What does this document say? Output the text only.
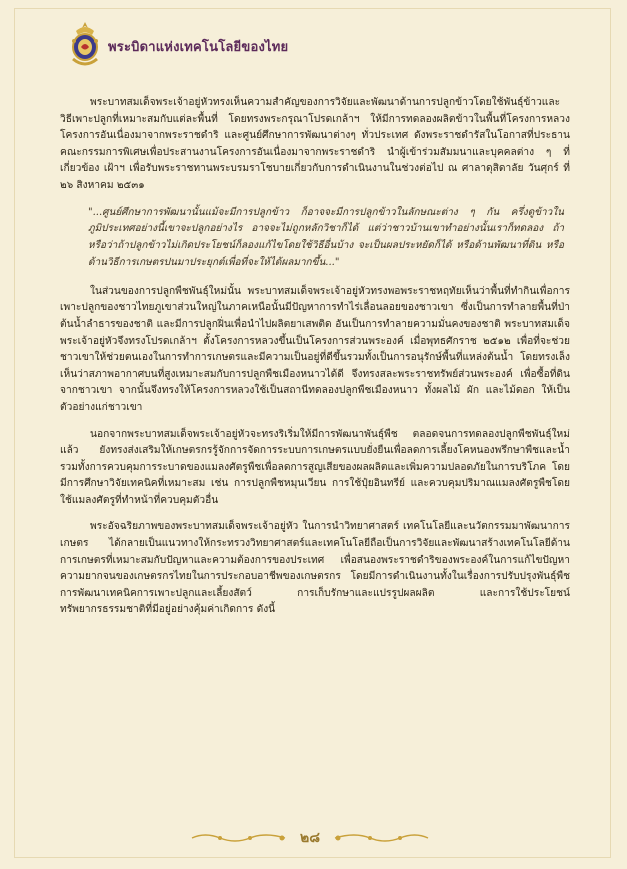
พระบิดาแห่งเทคโนโลยีของไทย

พระบาทสมเด็จพระเจ้าอยู่หัวทรงเห็นความสำคัญของการวิจัยและพัฒนาด้านการปลูกข้าวโดยใช้พันธุ์ข้าวและวิธีเพาะปลูกที่เหมาะสมกับแต่ละพื้นที่ โดยทรงพระกรุณาโปรดเกล้าฯ ให้มีการทดลองผลิตข้าวในพื้นที่โครงการหลวง โครงการอันเนื่องมาจากพระราชดำริ และศูนย์ศึกษาการพัฒนาต่างๆ ทั่วประเทศ ดังพระราชดำรัสในโอกาสที่ประธานคณะกรรมการพิเศษเพื่อประสานงานโครงการอันเนื่องมาจากพระราชดำริ นำผู้เข้าร่วมสัมมนาและบุคคลต่าง ๆ ที่เกี่ยวข้อง เฝ้าฯ เพื่อรับพระราชทานพระบรมราโชบายเกี่ยวกับการดำเนินงานในช่วงต่อไป ณ ศาลาดุสิดาลัย วันศุกร์ ที่ ๒๖ สิงหาคม ๒๕๓๑

"...ศูนย์ศึกษาการพัฒนานั้นแม้จะมีการปลูกข้าว ก็อาจจะมีการปลูกข้าวในลักษณะต่าง ๆ กัน ครึ่งดูข้าวในภูมิประเทศอย่างนี้เขาจะปลูกอย่างไร อาจจะไม่ถูกหลักวิชาก็ได้ แต่ว่าชาวบ้านเขาทำอย่างนั้นเราก็ทดลอง ถ้า หรือว่าถ้าปลูกข้าวไม่เกิดประโยชน์ก็ลองแก้ไขโดยใช้วิธีอื่นบ้าง จะเป็นผลประหยัดก็ได้ หรือด้านพัฒนาที่ดิน หรือด้านวิธีการเกษตรปนมาประยุกต์เพื่อที่จะให้ได้ผลมากขึ้น..."

ในส่วนของการปลูกพืชพันธุ์ใหม่นั้น พระบาทสมเด็จพระเจ้าอยู่หัวทรงพอพระราชหฤทัยเห็นว่าพื้นที่ทำกินเพื่อการเพาะปลูกของชาวไทยภูเขาส่วนใหญ่ในภาคเหนือนั้นมีปัญหาการทำไร่เลื่อนลอยของชาวเขา ซึ่งเป็นการทำลายพื้นที่ป่าต้นน้ำลำธารของชาติ และมีการปลูกฝิ่นเพื่อนำไปผลิตยาเสพติด อันเป็นการทำลายความมั่นคงของชาติ พระบาทสมเด็จพระเจ้าอยู่หัวจึงทรงโปรดเกล้าฯ ตั้งโครงการหลวงขึ้นเป็นโครงการส่วนพระองค์ เมื่อพุทธศักราช ๒๕๑๒ เพื่อที่จะช่วยชาวเขาให้ช่วยตนเองในการทำการเกษตรและมีความเป็นอยู่ที่ดีขึ้นรวมทั้งเป็นการอนุรักษ์พื้นที่แหล่งต้นน้ำ โดยทรงเล็งเห็นว่าสภาพอากาศบนที่สูงเหมาะสมกับการปลูกพืชเมืองหนาวได้ดี จึงทรงสละพระราชทรัพย์ส่วนพระองค์ เพื่อซื้อที่ดินจากชาวเขา จากนั้นจึงทรงให้โครงการหลวงใช้เป็นสถานีทดลองปลูกพืชเมืองหนาว ทั้งผลไม้ ผัก และไม้ดอก ให้เป็นตัวอย่างแก่ชาวเขา

นอกจากพระบาทสมเด็จพระเจ้าอยู่หัวจะทรงริเริ่มให้มีการพัฒนาพันธุ์พืช ตลอดจนการทดลองปลูกพืชพันธุ์ใหม่แล้ว ยังทรงส่งเสริมให้เกษตรกรรู้จักการจัดการระบบการเกษตรแบบยั่งยืนเพื่อลดการเลี้ยงโคหนองพรึกษาพืชและน้ำ รวมทั้งการควบคุมการระบาดของแมลงศัตรูพืชเพื่อลดการสูญเสียของผลผลิตและเพิ่มความปลอดภัยในการบริโภค โดยมีการศึกษาวิจัยเทคนิคที่เหมาะสม เช่น การปลูกพืชหมุนเวียน การใช้ปุ๋ยอินทรีย์ และควบคุมปริมาณแมลงศัตรูพืชโดยใช้แมลงศัตรูที่ทำหน้าที่ควบคุมตัวอื่น

พระอัจฉริยภาพของพระบาทสมเด็จพระเจ้าอยู่หัว ในการนำวิทยาศาสตร์ เทคโนโลยีและนวัตกรรมมาพัฒนาการเกษตร ได้กลายเป็นแนวทางให้กระทรวงวิทยาศาสตร์และเทคโนโลยีถือเป็นการวิจัยและพัฒนาสร้างเทคโนโลยีด้านการเกษตรที่เหมาะสมกับปัญหาและความต้องการของประเทศ เพื่อสนองพระราชดำริของพระองค์ในการแก้ไขปัญหาความยากจนของเกษตรกรไทยในการประกอบอาชีพของเกษตรกร โดยมีการดำเนินงานทั้งในเรื่องการปรับปรุงพันธุ์พืช การพัฒนาเทคนิคการเพาะปลูกและเลี้ยงสัตว์ การเก็บรักษาและแปรรูปผลผลิต และการใช้ประโยชน์ทรัพยากรธรรมชาติที่มีอยู่อย่างคุ้มค่าเกิดการ ดังนี้

๒๘
